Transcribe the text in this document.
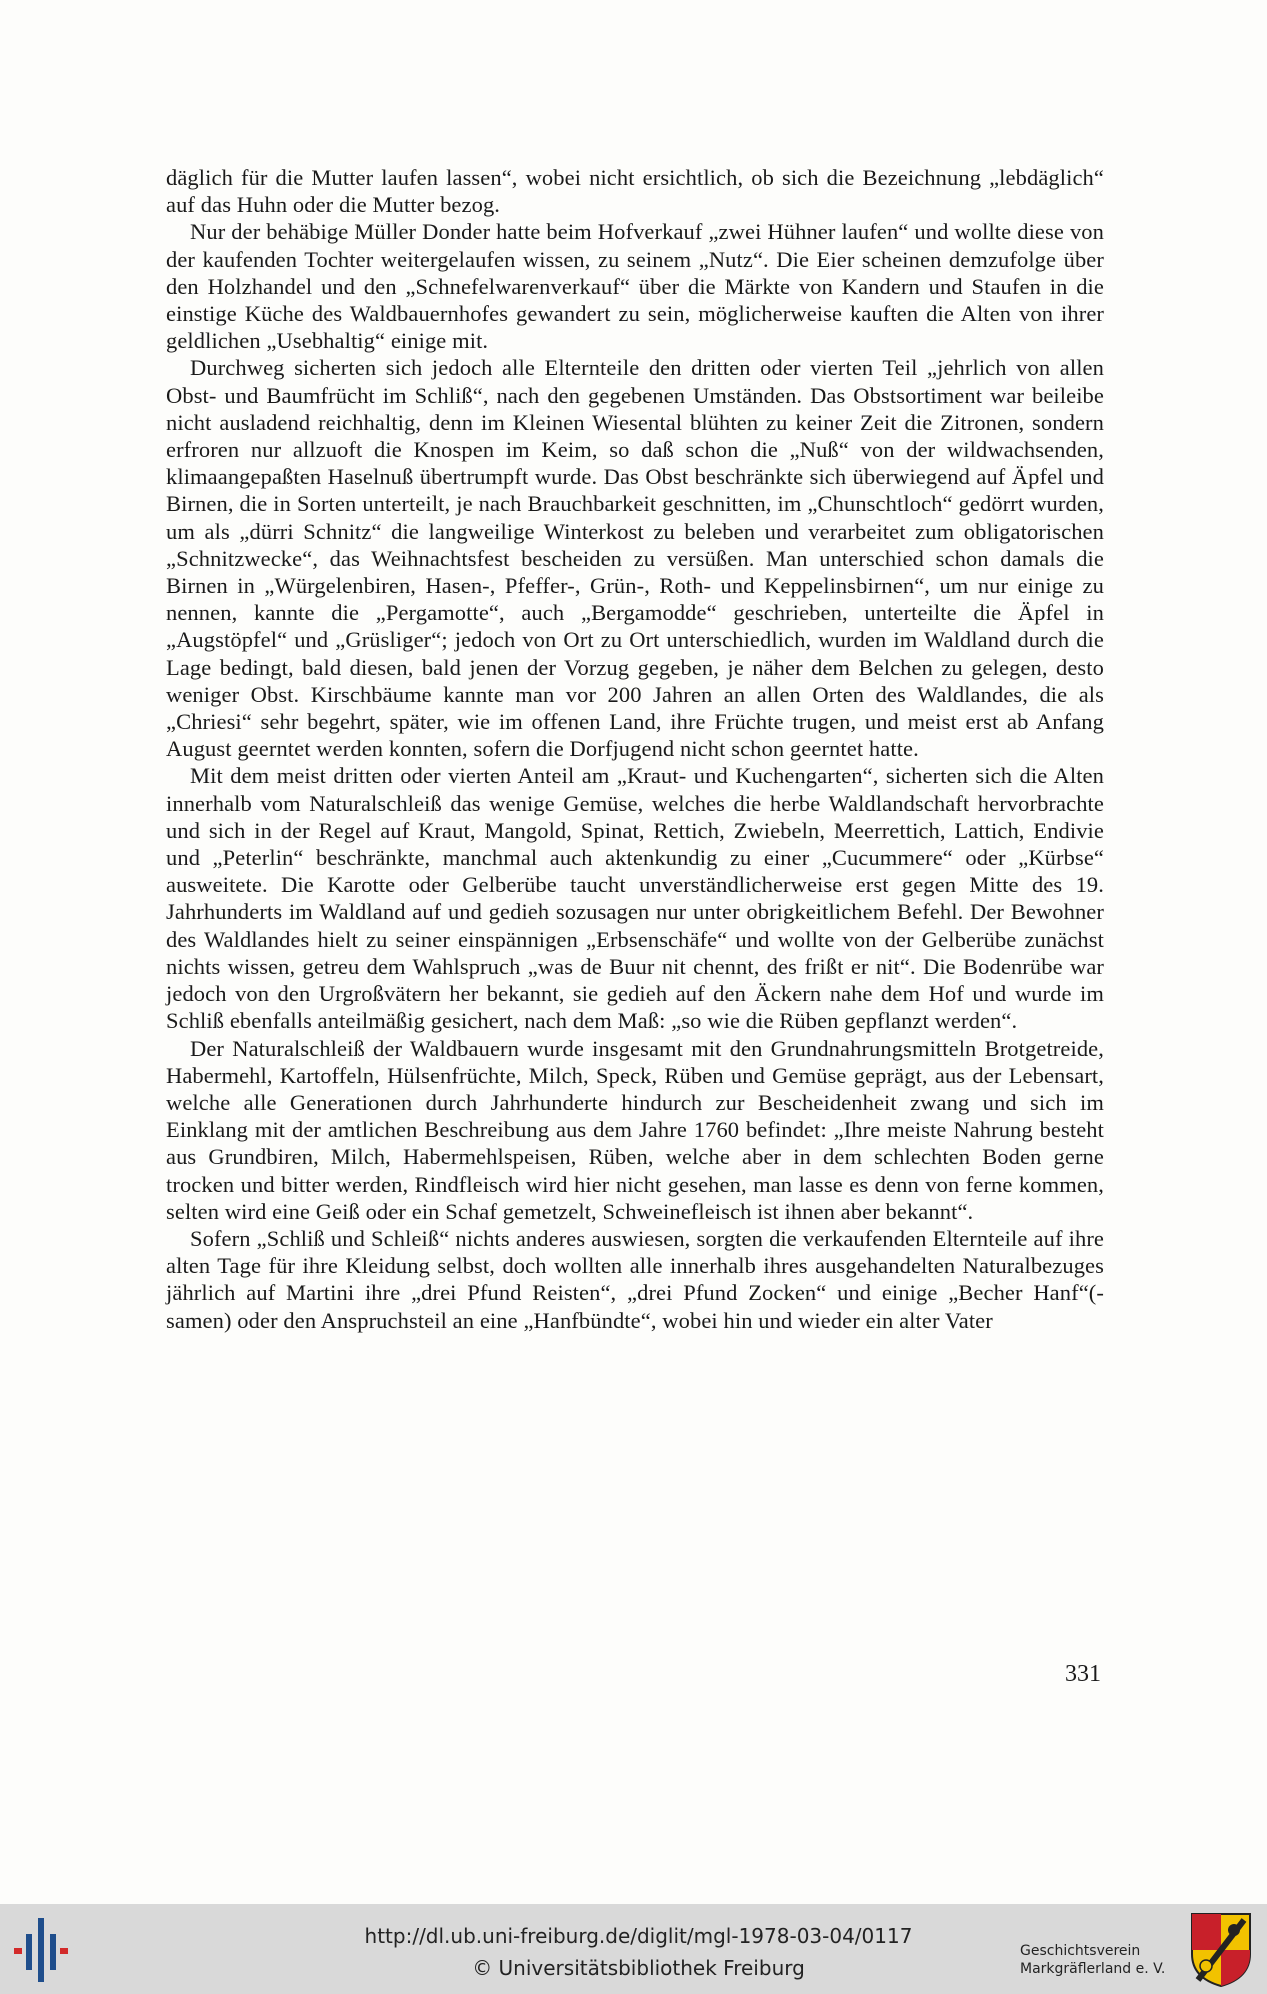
däglich für die Mutter laufen lassen“, wobei nicht ersichtlich, ob sich die Bezeichnung „lebdäglich“ auf das Huhn oder die Mutter bezog.

Nur der behäbige Müller Donder hatte beim Hofverkauf „zwei Hühner laufen“ und wollte diese von der kaufenden Tochter weitergelaufen wissen, zu seinem „Nutz“. Die Eier scheinen demzufolge über den Holzhandel und den „Schnefelwarenverkauf“ über die Märkte von Kandern und Staufen in die einstige Küche des Waldbauernhofes gewandert zu sein, möglicherweise kauften die Alten von ihrer geldlichen „Usebhaltig“ einige mit.

Durchweg sicherten sich jedoch alle Elternteile den dritten oder vierten Teil „jehrlich von allen Obst- und Baumfrücht im Schliß“, nach den gegebenen Umständen. Das Obstsortiment war beileibe nicht ausladend reichhaltig, denn im Kleinen Wiesental blühten zu keiner Zeit die Zitronen, sondern erfroren nur allzuoft die Knospen im Keim, so daß schon die „Nuß“ von der wildwachsenden, klimaangepaßten Haselnuß übertrumpft wurde. Das Obst beschränkte sich überwiegend auf Äpfel und Birnen, die in Sorten unterteilt, je nach Brauchbarkeit geschnitten, im „Chunschtloch“ gedörrt wurden, um als „dürri Schnitz“ die langweilige Winterkost zu beleben und verarbeitet zum obligatorischen „Schnitzwecke“, das Weihnachtsfest bescheiden zu versüßen. Man unterschied schon damals die Birnen in „Würgelenbiren, Hasen-, Pfeffer-, Grün-, Roth- und Keppelinsbirnen“, um nur einige zu nennen, kannte die „Pergamotte“, auch „Bergamodde“ geschrieben, unterteilte die Äpfel in „Augstöpfel“ und „Grüsliger“; jedoch von Ort zu Ort unterschiedlich, wurden im Waldland durch die Lage bedingt, bald diesen, bald jenen der Vorzug gegeben, je näher dem Belchen zu gelegen, desto weniger Obst. Kirschbäume kannte man vor 200 Jahren an allen Orten des Waldlandes, die als „Chriesi“ sehr begehrt, später, wie im offenen Land, ihre Früchte trugen, und meist erst ab Anfang August geerntet werden konnten, sofern die Dorfjugend nicht schon geerntet hatte.

Mit dem meist dritten oder vierten Anteil am „Kraut- und Kuchengarten“, sicherten sich die Alten innerhalb vom Naturalschleiß das wenige Gemüse, welches die herbe Waldlandschaft hervorbrachte und sich in der Regel auf Kraut, Mangold, Spinat, Rettich, Zwiebeln, Meerrettich, Lattich, Endivie und „Peterlin“ beschränkte, manchmal auch aktenkundig zu einer „Cucummere“ oder „Kürbse“ ausweitete. Die Karotte oder Gelberübe taucht unverständlicherweise erst gegen Mitte des 19. Jahrhunderts im Waldland auf und gedieh sozusagen nur unter obrigkeitlichem Befehl. Der Bewohner des Waldlandes hielt zu seiner einspännigen „Erbsenschäfe“ und wollte von der Gelberübe zunächst nichts wissen, getreu dem Wahlspruch „was de Buur nit chennt, des frißt er nit“. Die Bodenrübe war jedoch von den Urgroßvätern her bekannt, sie gedieh auf den Äckern nahe dem Hof und wurde im Schliß ebenfalls anteilmäßig gesichert, nach dem Maß: „so wie die Rüben gepflanzt werden“.

Der Naturalschleiß der Waldbauern wurde insgesamt mit den Grundnahrungsmitteln Brotgetreide, Habermehl, Kartoffeln, Hülsenfrüchte, Milch, Speck, Rüben und Gemüse geprägt, aus der Lebensart, welche alle Generationen durch Jahrhunderte hindurch zur Bescheidenheit zwang und sich im Einklang mit der amtlichen Beschreibung aus dem Jahre 1760 befindet: „Ihre meiste Nahrung besteht aus Grundbiren, Milch, Habermehlspeisen, Rüben, welche aber in dem schlechten Boden gerne trocken und bitter werden, Rindfleisch wird hier nicht gesehen, man lasse es denn von ferne kommen, selten wird eine Geiß oder ein Schaf gemetzelt, Schweinefleisch ist ihnen aber bekannt“.

Sofern „Schliß und Schleiß“ nichts anderes auswiesen, sorgten die verkaufenden Elternteile auf ihre alten Tage für ihre Kleidung selbst, doch wollten alle innerhalb ihres ausgehandelten Naturalbezuges jährlich auf Martini ihre „drei Pfund Reisten“, „drei Pfund Zocken“ und einige „Becher Hanf“(-samen) oder den Anspruchsteil an eine „Hanfbündte“, wobei hin und wieder ein alter Vater

331
http://dl.ub.uni-freiburg.de/diglit/mgl-1978-03-04/0117
© Universitätsbibliothek Freiburg
Geschichtsverein
Markgräflerland e. V.
